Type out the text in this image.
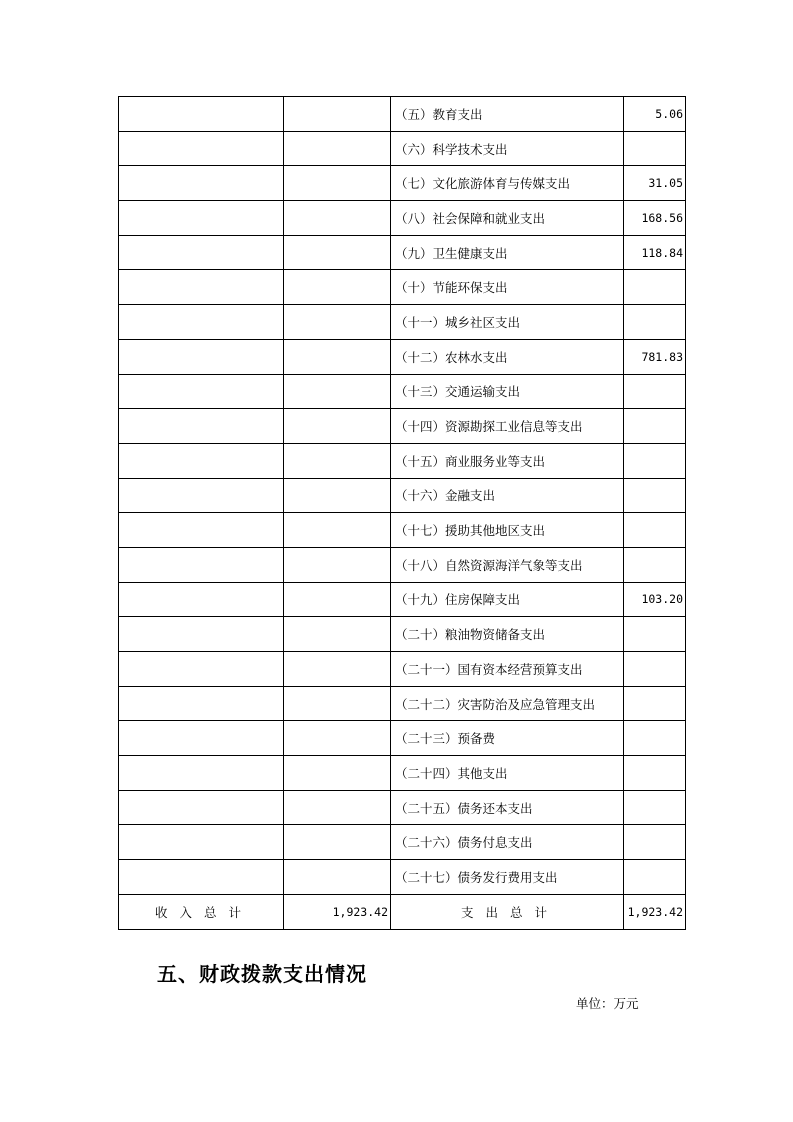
		（五）教育支出	5.06
		（六）科学技术支出	
		（七）文化旅游体育与传媒支出	31.05
		（八）社会保障和就业支出	168.56
		（九）卫生健康支出	118.84
		（十）节能环保支出	
		（十一）城乡社区支出	
		（十二）农林水支出	781.83
		（十三）交通运输支出	
		（十四）资源勘探工业信息等支出	
		（十五）商业服务业等支出	
		（十六）金融支出	
		（十七）援助其他地区支出	
		（十八）自然资源海洋气象等支出	
		（十九）住房保障支出	103.20
		（二十）粮油物资储备支出	
		（二十一）国有资本经营预算支出	
		（二十二）灾害防治及应急管理支出	
		（二十三）预备费	
		（二十四）其他支出	
		（二十五）债务还本支出	
		（二十六）债务付息支出	
		（二十七）债务发行费用支出	
收入总计	1,923.42	支出总计	1,923.42
五、财政拨款支出情况
单位：万元
